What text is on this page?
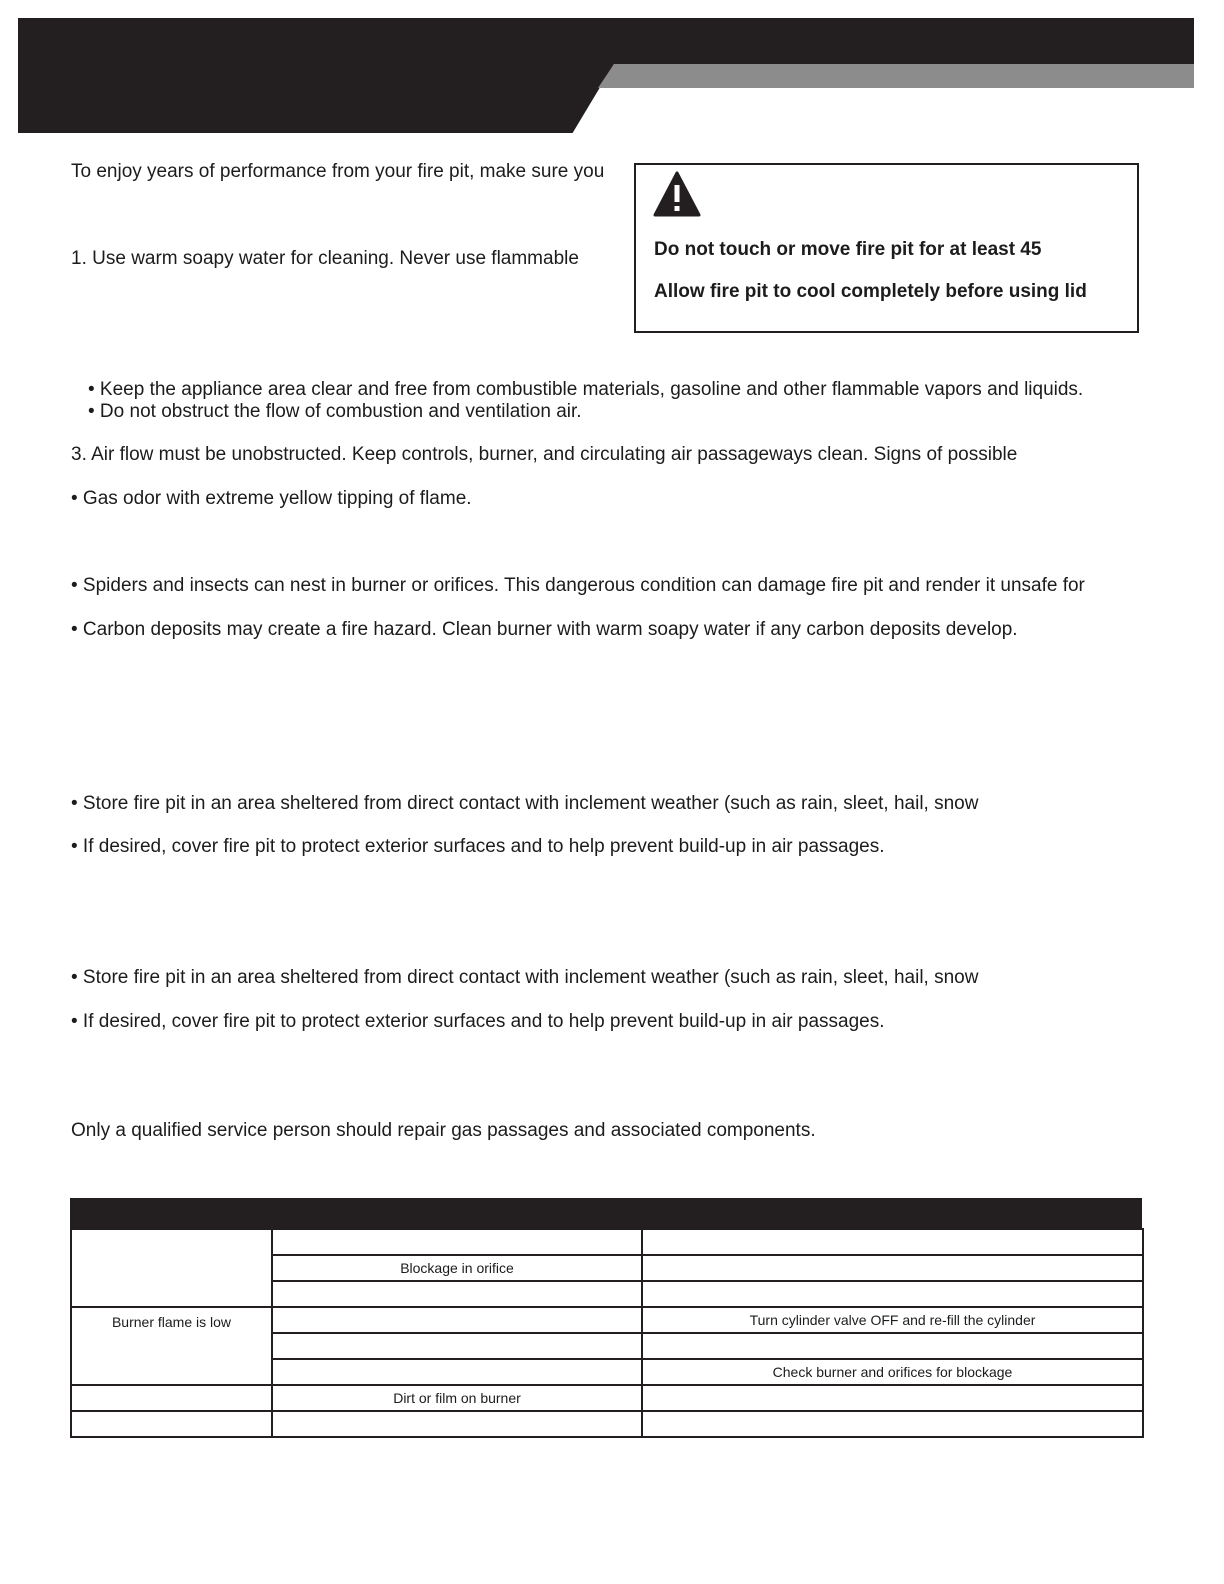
To enjoy years of performance from your fire pit, make sure you
1. Use warm soapy water for cleaning. Never use flammable	Do not touch or move fire pit for at least 45
Allow fire pit to cool completely before using lid
• Keep the appliance area clear and free from combustible materials, gasoline and other flammable vapors and liquids.
• Do not obstruct the flow of combustion and ventilation air.
3. Air flow must be unobstructed. Keep controls, burner, and circulating air passageways clean. Signs of possible
• Gas odor with extreme yellow tipping of flame.
• Spiders and insects can nest in burner or orifices. This dangerous condition can damage fire pit and render it unsafe for
• Carbon deposits may create a fire hazard. Clean burner with warm soapy water if any carbon deposits develop.
• Store fire pit in an area sheltered from direct contact with inclement weather (such as rain, sleet, hail, snow
• If desired, cover fire pit to protect exterior surfaces and to help prevent build-up in air passages.
• Store fire pit in an area sheltered from direct contact with inclement weather (such as rain, sleet, hail, snow
• If desired, cover fire pit to protect exterior surfaces and to help prevent build-up in air passages.
Only a qualified service person should repair gas passages and associated components.

	Blockage in orifice	

Burner flame is low		Turn cylinder valve OFF and re-fill the cylinder

		Check burner and orifices for blockage
	Dirt or film on burner	
